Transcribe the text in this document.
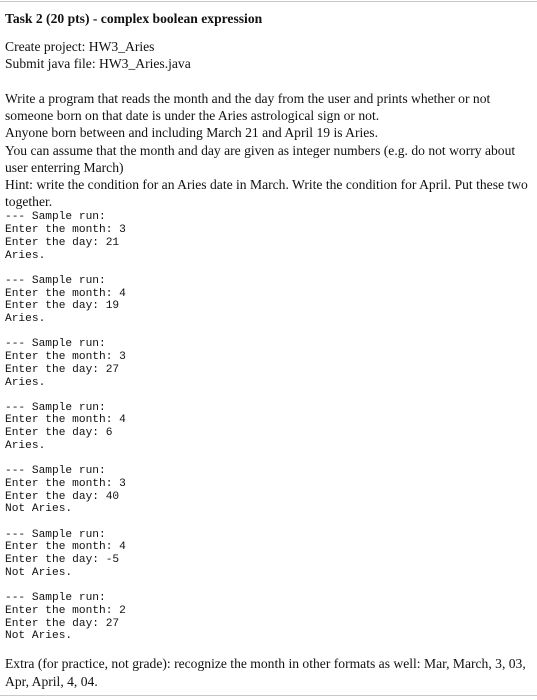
Task 2 (20 pts) - complex boolean expression
Create project: HW3_Aries
Submit java file: HW3_Aries.java
Write a program that reads the month and the day from the user and prints whether or not someone born on that date is under the Aries astrological sign or not.
Anyone born between and including March 21 and April 19 is Aries.
You can assume that the month and day are given as integer numbers (e.g. do not worry about user enterring March)
Hint: write the condition for an Aries date in March. Write the condition for April. Put these two together.
--- Sample run:
Enter the month: 3
Enter the day: 21
Aries.
--- Sample run:
Enter the month: 4
Enter the day: 19
Aries.
--- Sample run:
Enter the month: 3
Enter the day: 27
Aries.
--- Sample run:
Enter the month: 4
Enter the day: 6
Aries.
--- Sample run:
Enter the month: 3
Enter the day: 40
Not Aries.
--- Sample run:
Enter the month: 4
Enter the day: -5
Not Aries.
--- Sample run:
Enter the month: 2
Enter the day: 27
Not Aries.
Extra (for practice, not grade): recognize the month in other formats as well: Mar, March, 3, 03, Apr, April, 4, 04.
